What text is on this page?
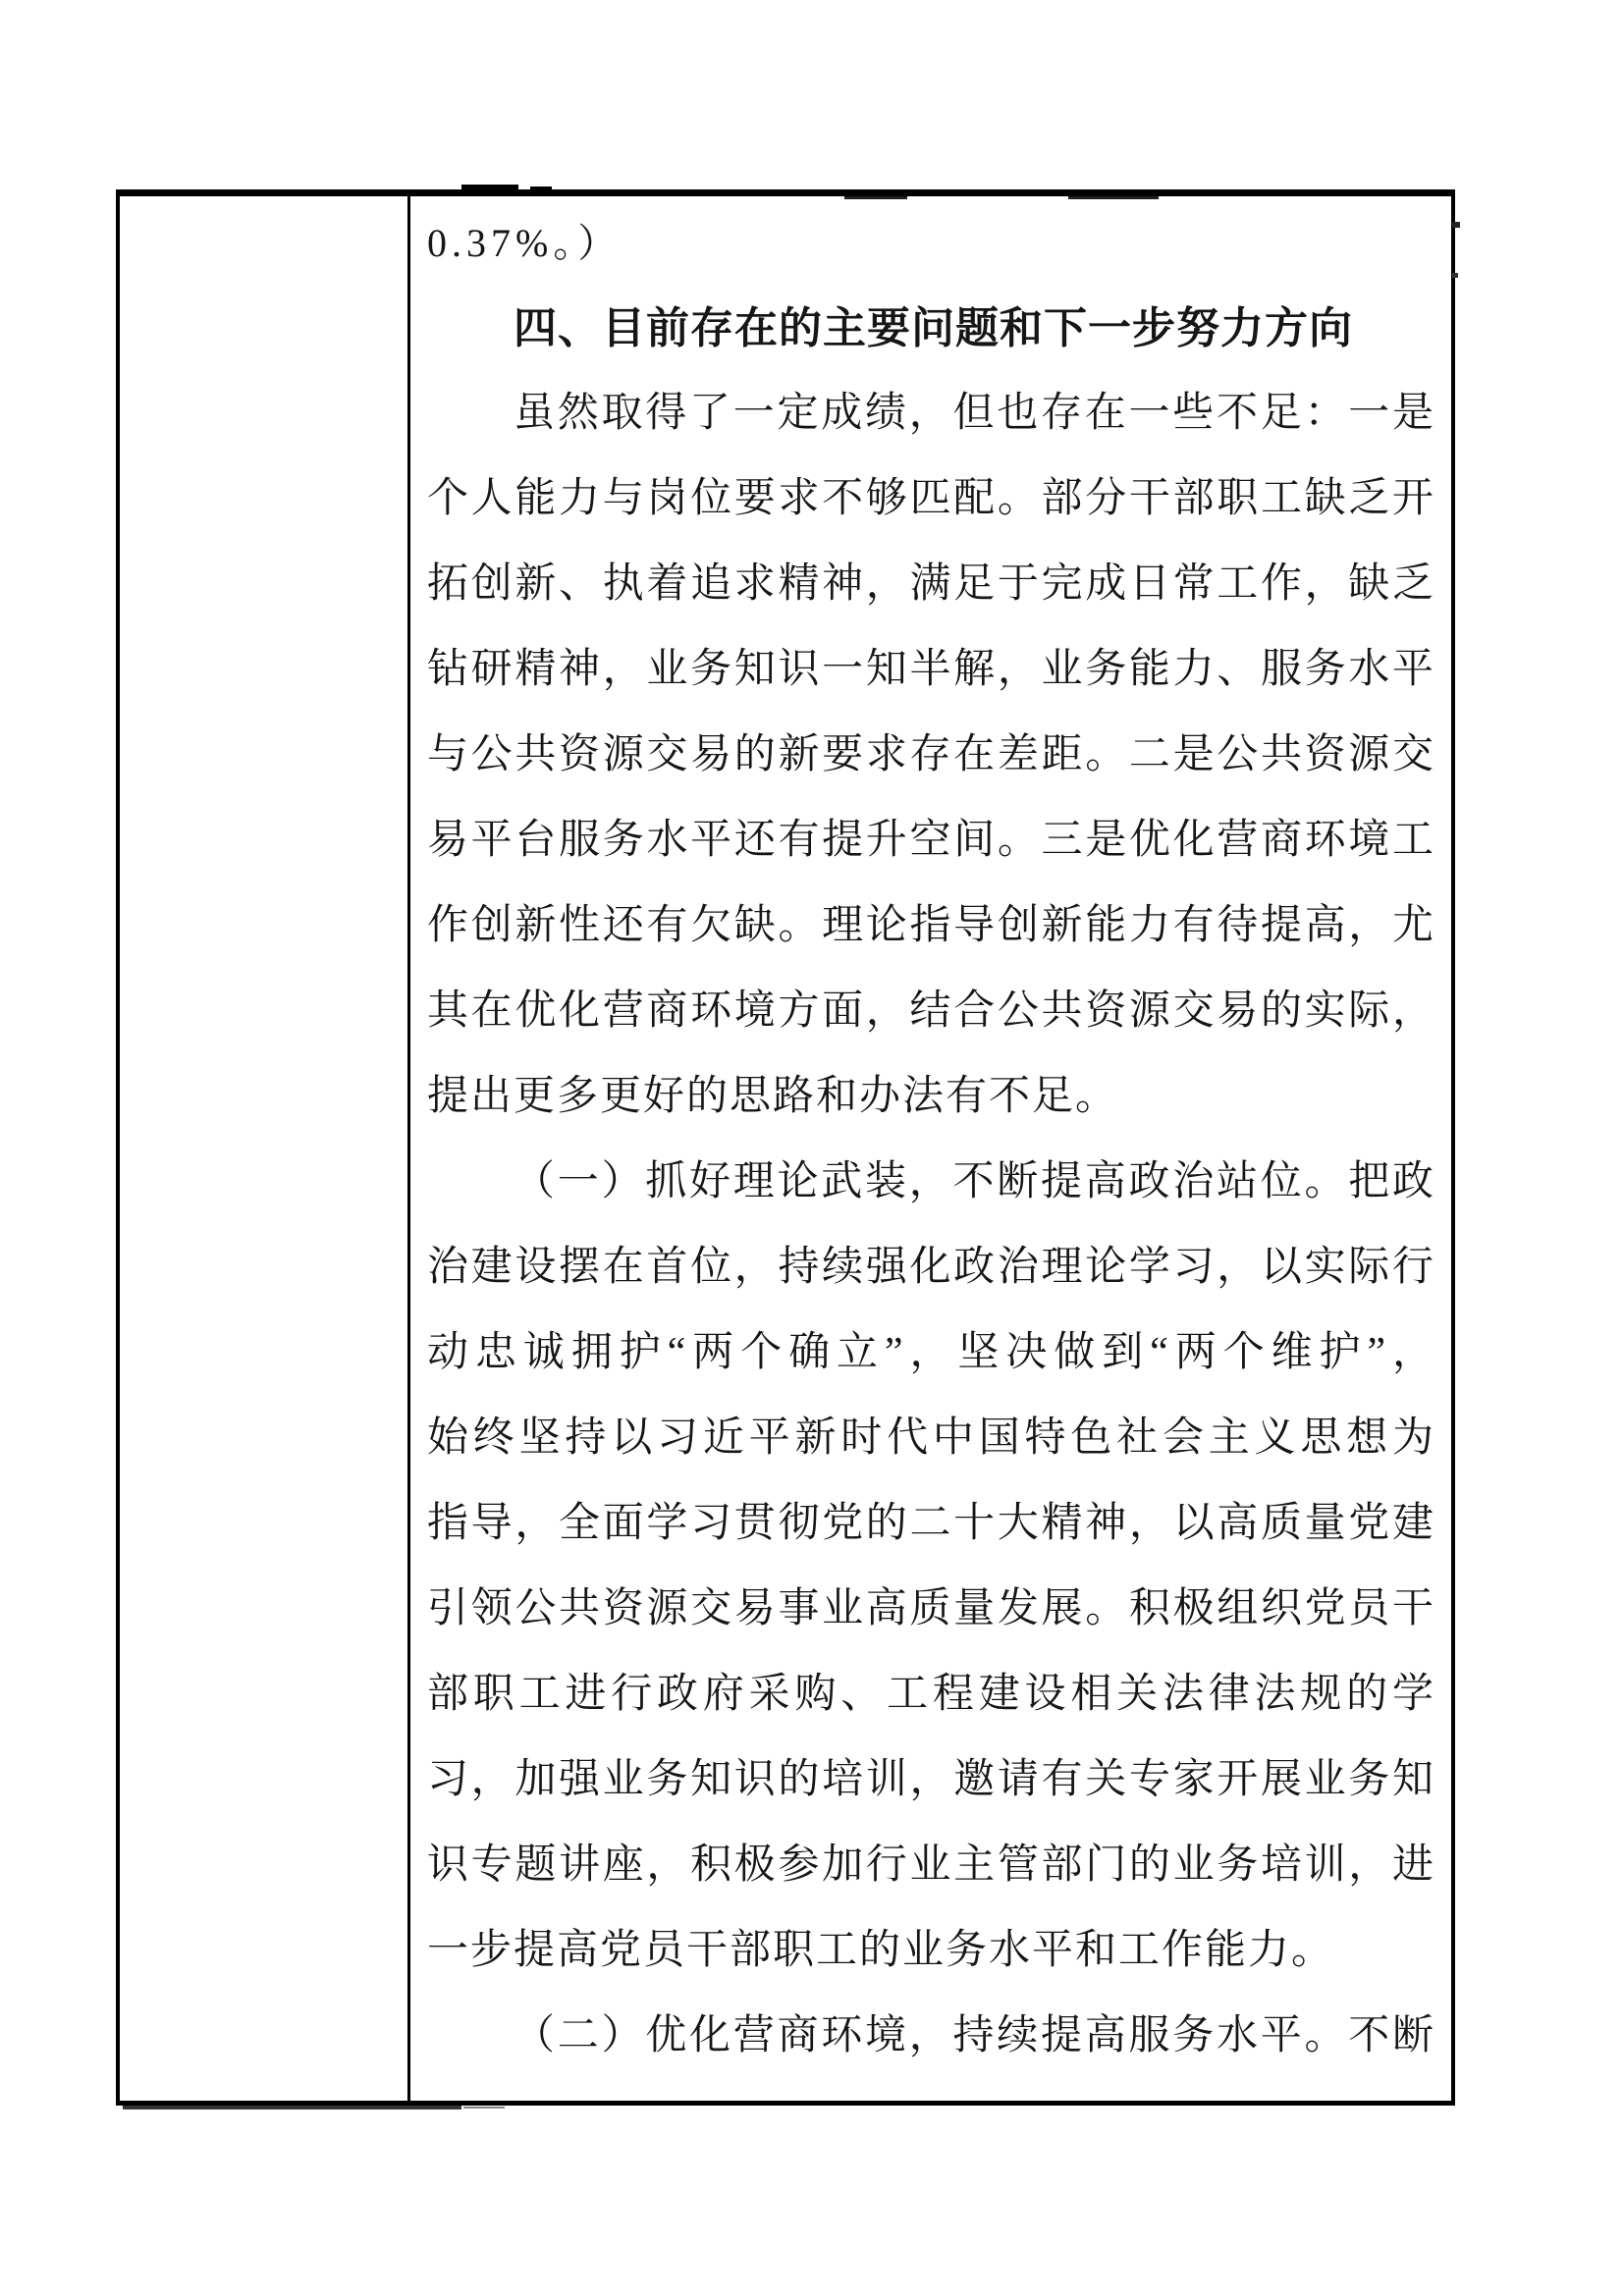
0.37%。）
四、目前存在的主要问题和下一步努力方向
虽然取得了一定成绩，但也存在一些不足：一是
个人能力与岗位要求不够匹配。部分干部职工缺乏开
拓创新、执着追求精神，满足于完成日常工作，缺乏
钻研精神，业务知识一知半解，业务能力、服务水平
与公共资源交易的新要求存在差距。二是公共资源交
易平台服务水平还有提升空间。三是优化营商环境工
作创新性还有欠缺。理论指导创新能力有待提高，尤
其在优化营商环境方面，结合公共资源交易的实际，
提出更多更好的思路和办法有不足。
（一）抓好理论武装，不断提高政治站位。把政
治建设摆在首位，持续强化政治理论学习，以实际行
动忠诚拥护“两个确立”，坚决做到“两个维护”，
始终坚持以习近平新时代中国特色社会主义思想为
指导，全面学习贯彻党的二十大精神，以高质量党建
引领公共资源交易事业高质量发展。积极组织党员干
部职工进行政府采购、工程建设相关法律法规的学
习，加强业务知识的培训，邀请有关专家开展业务知
识专题讲座，积极参加行业主管部门的业务培训，进
一步提高党员干部职工的业务水平和工作能力。
（二）优化营商环境，持续提高服务水平。不断
